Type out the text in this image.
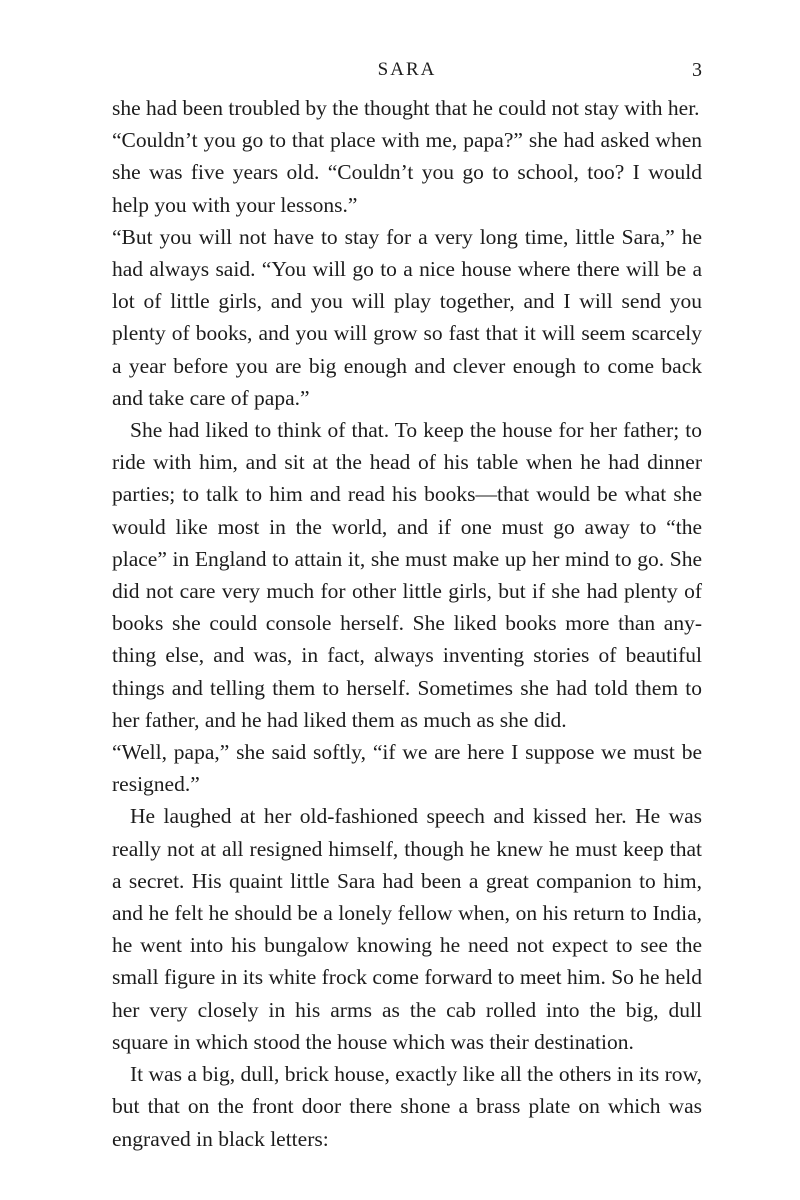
SARA	3

she had been troubled by the thought that he could not stay with her.

“Couldn’t you go to that place with me, papa?” she had asked when she was five years old. “Couldn’t you go to school, too? I would help you with your lessons.”

“But you will not have to stay for a very long time, little Sara,” he had always said. “You will go to a nice house where there will be a lot of little girls, and you will play together, and I will send you plenty of books, and you will grow so fast that it will seem scarcely a year before you are big enough and clever enough to come back and take care of papa.”

She had liked to think of that. To keep the house for her father; to ride with him, and sit at the head of his table when he had dinner parties; to talk to him and read his books—that would be what she would like most in the world, and if one must go away to “the place” in England to attain it, she must make up her mind to go. She did not care very much for other little girls, but if she had plenty of books she could console herself. She liked books more than any-thing else, and was, in fact, always inventing stories of beautiful things and telling them to herself. Sometimes she had told them to her father, and he had liked them as much as she did.

“Well, papa,” she said softly, “if we are here I suppose we must be resigned.”

He laughed at her old-fashioned speech and kissed her. He was really not at all resigned himself, though he knew he must keep that a secret. His quaint little Sara had been a great companion to him, and he felt he should be a lonely fellow when, on his return to India, he went into his bungalow knowing he need not expect to see the small figure in its white frock come forward to meet him. So he held her very closely in his arms as the cab rolled into the big, dull square in which stood the house which was their destination.

It was a big, dull, brick house, exactly like all the others in its row, but that on the front door there shone a brass plate on which was engraved in black letters:
